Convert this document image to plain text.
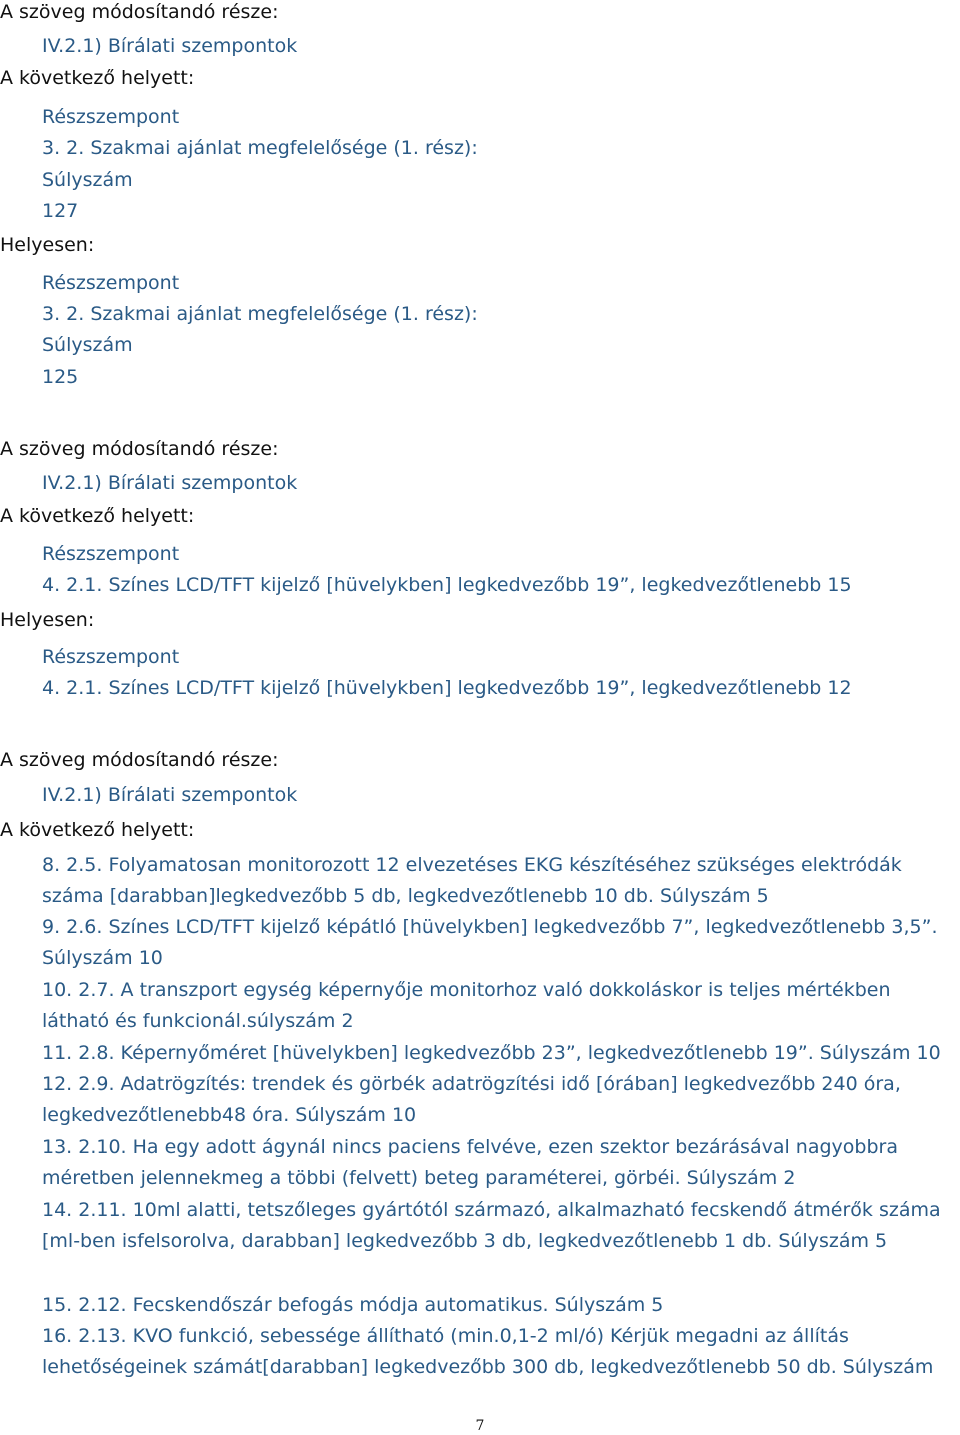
A szöveg módosítandó része:
IV.2.1) Bírálati szempontok
A következő helyett:
Részszempont
3. 2. Szakmai ajánlat megfelelősége (1. rész):
Súlyszám
127
Helyesen:
Részszempont
3. 2. Szakmai ajánlat megfelelősége (1. rész):
Súlyszám
125
A szöveg módosítandó része:
IV.2.1) Bírálati szempontok
A következő helyett:
Részszempont
4. 2.1. Színes LCD/TFT kijelző [hüvelykben] legkedvezőbb 19”, legkedvezőtlenebb 15
Helyesen:
Részszempont
4. 2.1. Színes LCD/TFT kijelző [hüvelykben] legkedvezőbb 19”, legkedvezőtlenebb 12
A szöveg módosítandó része:
IV.2.1) Bírálati szempontok
A következő helyett:
8. 2.5. Folyamatosan monitorozott 12 elvezetéses EKG készítéséhez szükséges elektródák száma [darabban]legkedvezőbb 5 db, legkedvezőtlenebb 10 db. Súlyszám 5
9. 2.6. Színes LCD/TFT kijelző képátló [hüvelykben] legkedvezőbb 7”, legkedvezőtlenebb 3,5”. Súlyszám 10
10. 2.7. A transzport egység képernyője monitorhoz való dokkoláskor is teljes mértékben látható és funkcionál.súlyszám 2
11. 2.8. Képernyőméret [hüvelykben] legkedvezőbb 23”, legkedvezőtlenebb 19”. Súlyszám 10
12. 2.9. Adatrögzítés: trendek és görbék adatrögzítési idő [órában] legkedvezőbb 240 óra, legkedvezőtlenebb48 óra. Súlyszám 10
13. 2.10. Ha egy adott ágynál nincs paciens felvéve, ezen szektor bezárásával nagyobbra méretben jelennekmeg a többi (felvett) beteg paraméterei, görbéi. Súlyszám 2
14. 2.11. 10ml alatti, tetszőleges gyártótól származó, alkalmazható fecskendő átmérők száma [ml-ben isfelsorolva, darabban] legkedvezőbb 3 db, legkedvezőtlenebb 1 db. Súlyszám 5
15. 2.12. Fecskendőszár befogás módja automatikus. Súlyszám 5
16. 2.13. KVO funkció, sebessége állítható (min.0,1-2 ml/ó) Kérjük megadni az állítás lehetőségeinek számát[darabban] legkedvezőbb 300 db, legkedvezőtlenebb 50 db. Súlyszám
7
